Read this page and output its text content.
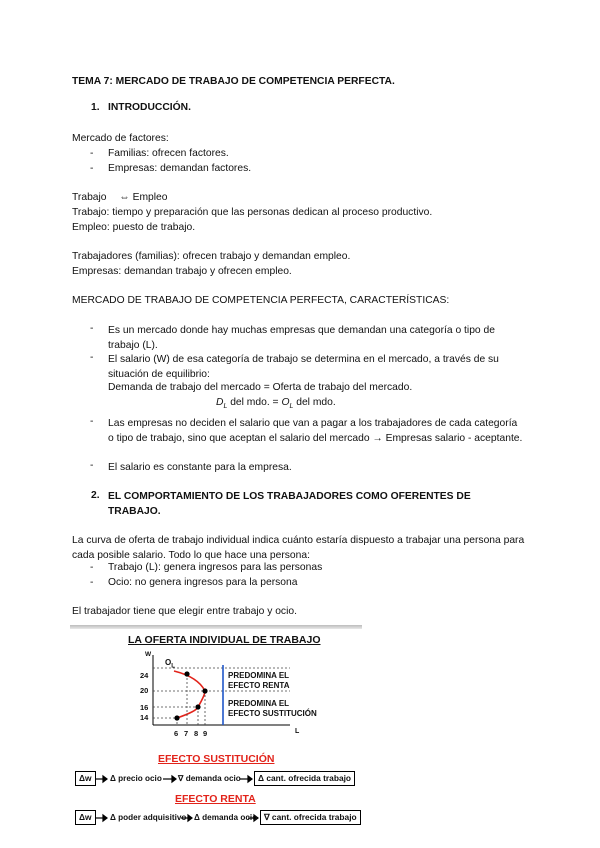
TEMA 7: MERCADO DE TRABAJO DE COMPETENCIA PERFECTA.
1. INTRODUCCIÓN.
Mercado de factores:
- Familias: ofrecen factores.
- Empresas: demandan factores.
Trabajo ⇔ Empleo
Trabajo: tiempo y preparación que las personas dedican al proceso productivo.
Empleo: puesto de trabajo.
Trabajadores (familias): ofrecen trabajo y demandan empleo.
Empresas: demandan trabajo y ofrecen empleo.
MERCADO DE TRABAJO DE COMPETENCIA PERFECTA, CARACTERÍSTICAS:
- Es un mercado donde hay muchas empresas que demandan una categoría o tipo de trabajo (L).
- El salario (W) de esa categoría de trabajo se determina en el mercado, a través de su situación de equilibrio:
Demanda de trabajo del mercado = Oferta de trabajo del mercado.
$D_L$ del mdo. = $O_L$ del mdo.
- Las empresas no deciden el salario que van a pagar a los trabajadores de cada categoría o tipo de trabajo, sino que aceptan el salario del mercado → Empresas salario - aceptante.
- El salario es constante para la empresa.
2. EL COMPORTAMIENTO DE LOS TRABAJADORES COMO OFERENTES DE TRABAJO.
La curva de oferta de trabajo individual indica cuánto estaría dispuesto a trabajar una persona para cada posible salario. Todo lo que hace una persona:
- Trabajo (L): genera ingresos para las personas
- Ocio: no genera ingresos para la persona
El trabajador tiene que elegir entre trabajo y ocio.
LA OFERTA INDIVIDUAL DE TRABAJO
W
L
$O_L$
24
20
16
14
6 7 8 9
PREDOMINA EL
EFECTO RENTA
PREDOMINA EL
EFECTO SUSTITUCIÓN
EFECTO SUSTITUCIÓN
Δw	Δ precio ocio ∇ demanda ocio	Δ cant. ofrecida trabajo
EFECTO RENTA
Δw	Δ poder adquisitivo Δ demanda ocio ∇ cant. ofrecida trabajo
